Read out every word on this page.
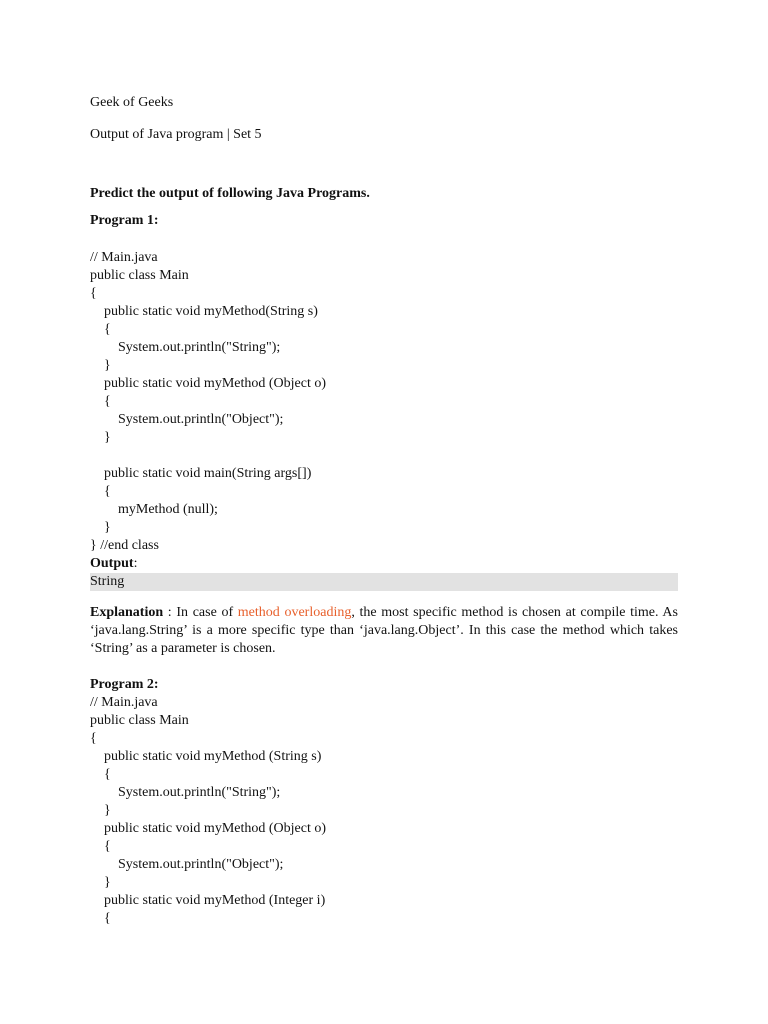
Geek of Geeks
Output of Java program | Set 5
Predict the output of following Java Programs.
Program 1:
// Main.java
public class Main
{
public static void myMethod(String s)
{
System.out.println("String");
}
public static void myMethod (Object o)
{
System.out.println("Object");
}
public static void main(String args[])
{
myMethod (null);
}
} //end class
Output:
String

Explanation : In case of method overloading, the most specific method is chosen at compile time. As ‘java.lang.String’ is a more specific type than ‘java.lang.Object’. In this case the method which takes ‘String’ as a parameter is chosen.

Program 2:
// Main.java
public class Main
{
public static void myMethod (String s)
{
System.out.println("String");
}
public static void myMethod (Object o)
{
System.out.println("Object");
}
public static void myMethod (Integer i)
{
